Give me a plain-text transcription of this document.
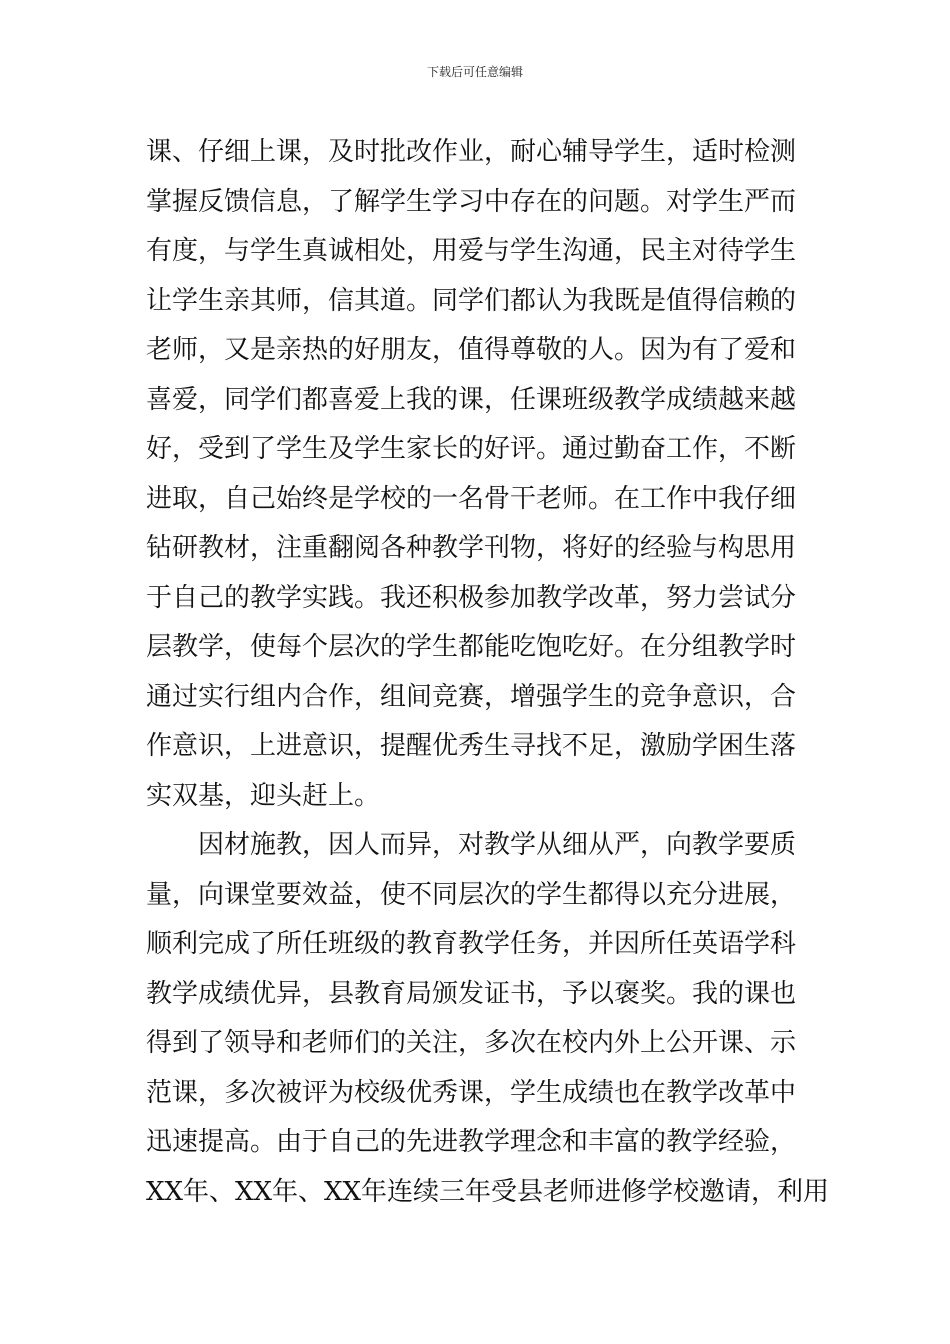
下载后可任意编辑
课、仔细上课，及时批改作业，耐心辅导学生，适时检测
掌握反馈信息，了解学生学习中存在的问题。对学生严而
有度，与学生真诚相处，用爱与学生沟通，民主对待学生
让学生亲其师，信其道。同学们都认为我既是值得信赖的
老师，又是亲热的好朋友，值得尊敬的人。因为有了爱和
喜爱，同学们都喜爱上我的课，任课班级教学成绩越来越
好，受到了学生及学生家长的好评。通过勤奋工作，不断
进取，自己始终是学校的一名骨干老师。在工作中我仔细
钻研教材，注重翻阅各种教学刊物，将好的经验与构思用
于自己的教学实践。我还积极参加教学改革，努力尝试分
层教学，使每个层次的学生都能吃饱吃好。在分组教学时
通过实行组内合作，组间竞赛，增强学生的竞争意识，合
作意识，上进意识，提醒优秀生寻找不足，激励学困生落
实双基，迎头赶上。
因材施教，因人而异，对教学从细从严，向教学要质
量，向课堂要效益，使不同层次的学生都得以充分进展，
顺利完成了所任班级的教育教学任务，并因所任英语学科
教学成绩优异，县教育局颁发证书，予以褒奖。我的课也
得到了领导和老师们的关注，多次在校内外上公开课、示
范课，多次被评为校级优秀课，学生成绩也在教学改革中
迅速提高。由于自己的先进教学理念和丰富的教学经验，
XX年、XX年、XX年连续三年受县老师进修学校邀请，利用
